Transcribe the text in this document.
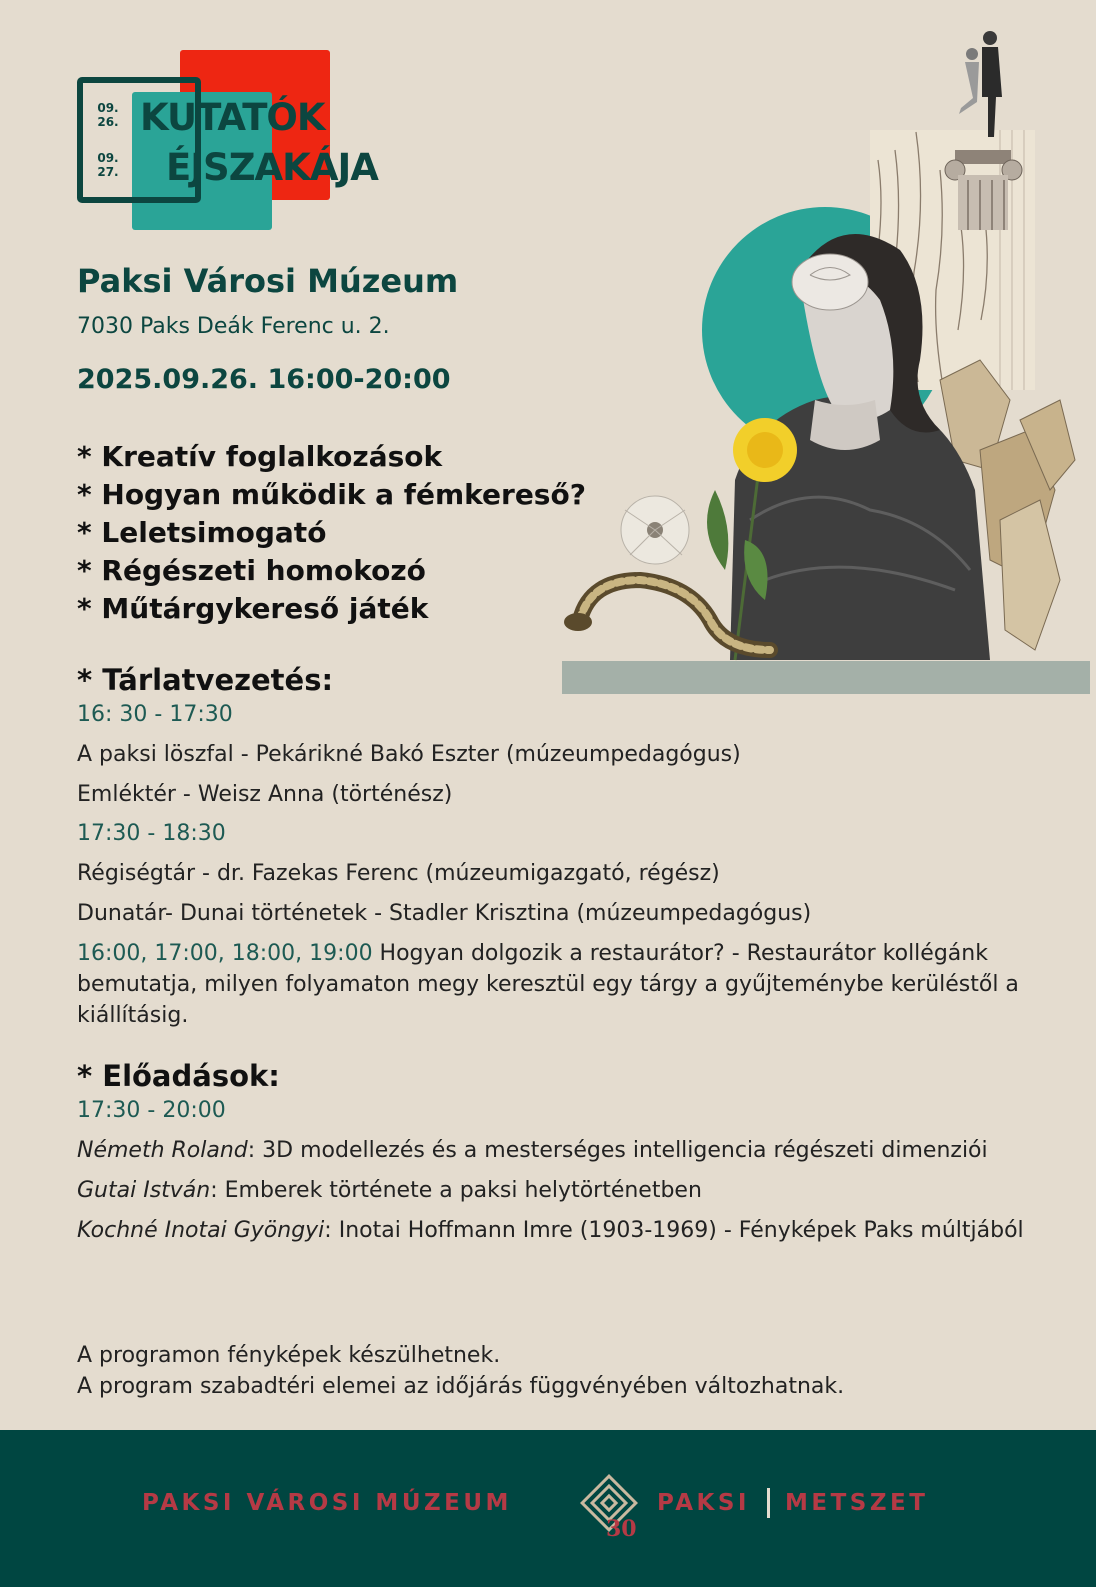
09.
26.
09.
27.
KUTATÓK
ÉJSZAKÁJA
Paksi Városi Múzeum
7030 Paks Deák Ferenc u. 2.
2025.09.26. 16:00-20:00
* Kreatív foglalkozások
* Hogyan működik a fémkereső?
* Leletsimogató
* Régészeti homokozó
* Műtárgykereső játék
* Tárlatvezetés:
16: 30 - 17:30
A paksi löszfal - Pekárikné Bakó Eszter (múzeumpedagógus)
Emléktér - Weisz Anna (történész)
17:30 - 18:30
Régiségtár - dr. Fazekas Ferenc (múzeumigazgató, régész)
Dunatár- Dunai történetek - Stadler Krisztina (múzeumpedagógus)
16:00, 17:00, 18:00, 19:00 Hogyan dolgozik a restaurátor? - Restaurátor kollégánk bemutatja, milyen folyamaton megy keresztül egy tárgy a gyűjteménybe kerüléstől a kiállításig.
* Előadások:
17:30 - 20:00
Németh Roland: 3D modellezés és a mesterséges intelligencia régészeti dimenziói
Gutai István: Emberek története a paksi helytörténetben
Kochné Inotai Gyöngyi: Inotai Hoffmann Imre (1903-1969) - Fényképek Paks múltjából
A programon fényképek készülhetnek.
A program szabadtéri elemei az időjárás függvényében változhatnak.
PAKSI VÁROSI MÚZEUM
30
PAKSI METSZET
